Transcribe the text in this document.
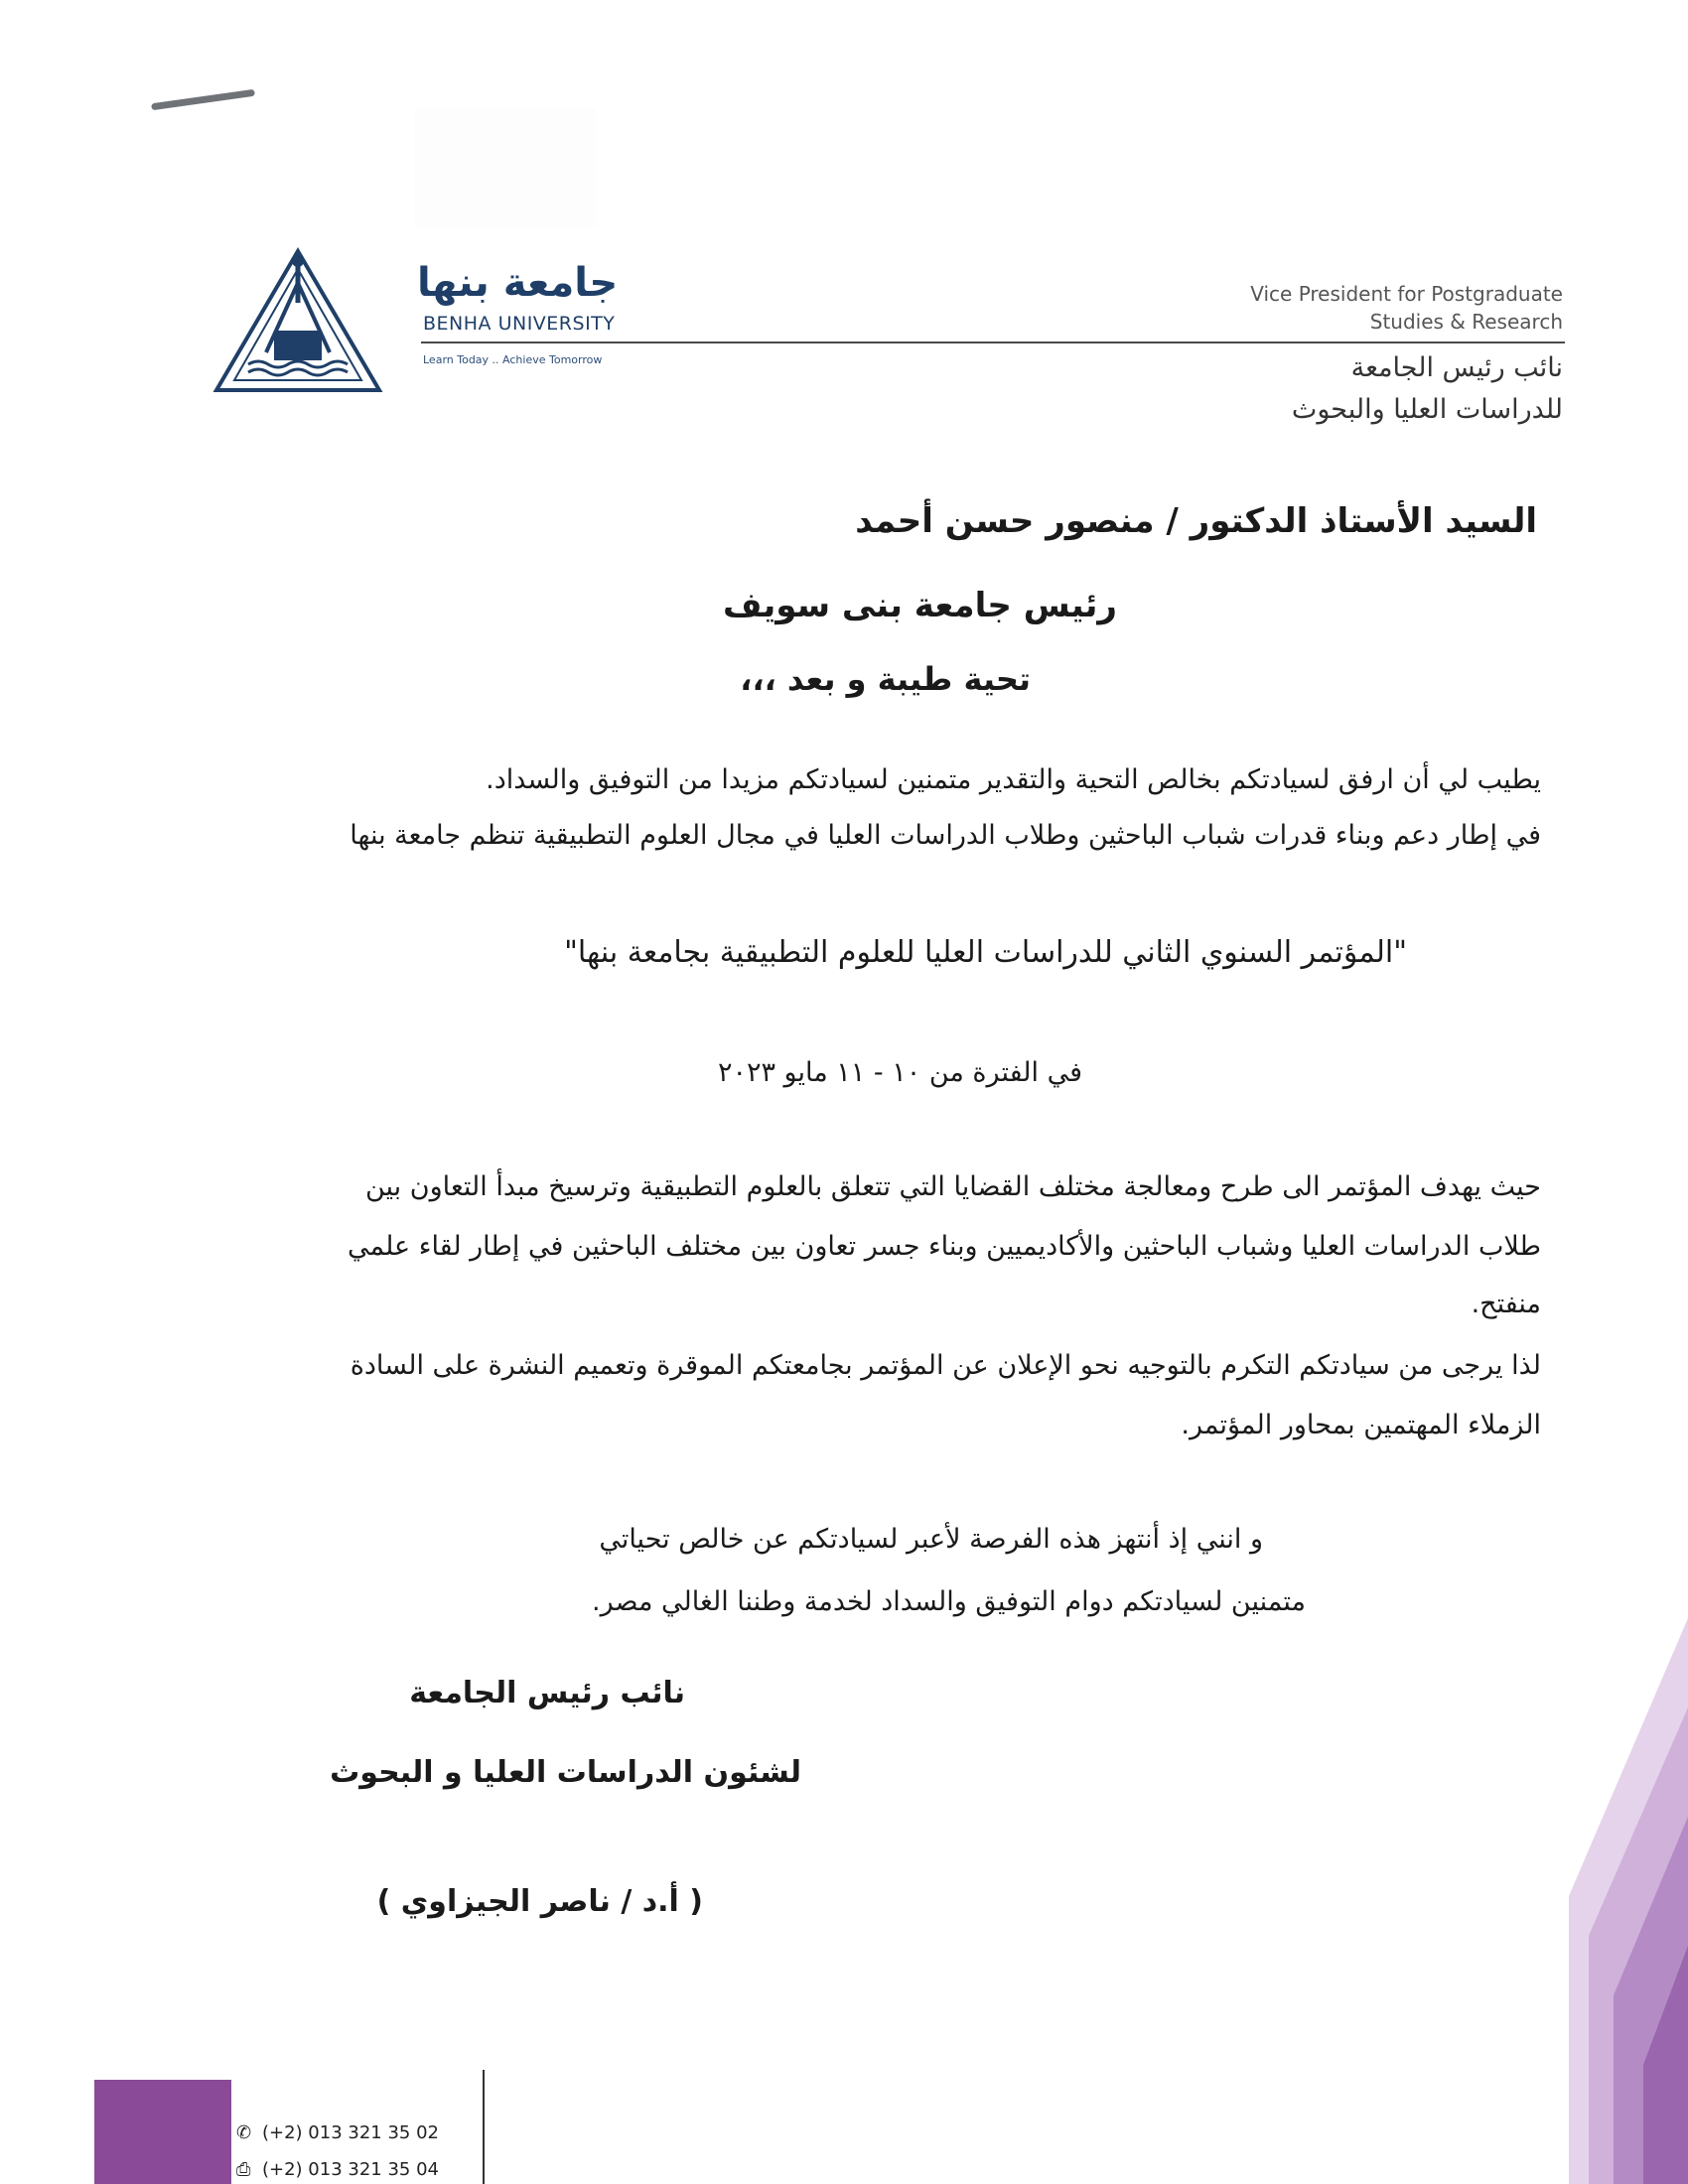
جامعة بنها
BENHA UNIVERSITY
Learn Today .. Achieve Tomorrow
Vice President for Postgraduate
Studies & Research
نائب رئيس الجامعة
للدراسات العليا والبحوث
السيد الأستاذ الدكتور / منصور حسن أحمد
رئيس جامعة بنى سويف
تحية طيبة و بعد ،،،
يطيب لي أن ارفق لسيادتكم بخالص التحية والتقدير متمنين لسيادتكم مزيدا من التوفيق والسداد.
في إطار دعم وبناء قدرات شباب الباحثين وطلاب الدراسات العليا في مجال العلوم التطبيقية تنظم جامعة بنها
"المؤتمر السنوي الثاني للدراسات العليا للعلوم التطبيقية بجامعة بنها"
في الفترة من ١٠ - ١١ مايو ٢٠٢٣
حيث يهدف المؤتمر الى طرح ومعالجة مختلف القضايا التي تتعلق بالعلوم التطبيقية وترسيخ مبدأ التعاون بين
طلاب الدراسات العليا وشباب الباحثين والأكاديميين وبناء جسر تعاون بين مختلف الباحثين في إطار لقاء علمي
منفتح.
لذا يرجى من سيادتكم التكرم بالتوجيه نحو الإعلان عن المؤتمر بجامعتكم الموقرة وتعميم النشرة على السادة
الزملاء المهتمين بمحاور المؤتمر.
و انني إذ أنتهز هذه الفرصة لأعبر لسيادتكم عن خالص تحياتي
متمنين لسيادتكم دوام التوفيق والسداد لخدمة وطننا الغالي مصر.
نائب رئيس الجامعة
لشئون الدراسات العليا و البحوث
( أ.د / ناصر الجيزاوي )
✆ (+2) 013 321 35 02
⎙ (+2) 013 321 35 04
